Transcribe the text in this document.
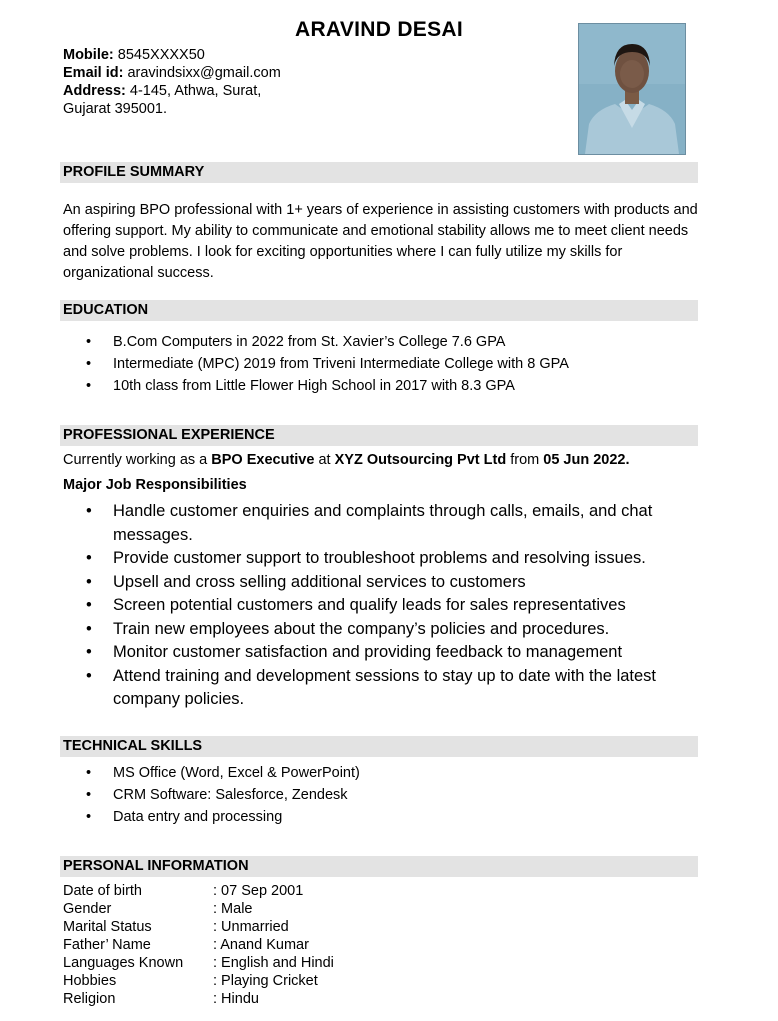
ARAVIND DESAI
Mobile: 8545XXXX50
Email id: aravindsixx@gmail.com
Address: 4-145, Athwa, Surat,
Gujarat 395001.
PROFILE SUMMARY
An aspiring BPO professional with 1+ years of experience in assisting customers with products and offering support. My ability to communicate and emotional stability allows me to meet client needs and solve problems. I look for exciting opportunities where I can fully utilize my skills for organizational success.
EDUCATION
• B.Com Computers in 2022 from St. Xavier’s College 7.6 GPA
• Intermediate (MPC) 2019 from Triveni Intermediate College with 8 GPA
• 10th class from Little Flower High School in 2017 with 8.3 GPA
PROFESSIONAL EXPERIENCE
Currently working as a BPO Executive at XYZ Outsourcing Pvt Ltd from 05 Jun 2022.
Major Job Responsibilities
• Handle customer enquiries and complaints through calls, emails, and chat messages.
• Provide customer support to troubleshoot problems and resolving issues.
• Upsell and cross selling additional services to customers
• Screen potential customers and qualify leads for sales representatives
• Train new employees about the company’s policies and procedures.
• Monitor customer satisfaction and providing feedback to management
• Attend training and development sessions to stay up to date with the latest company policies.
TECHNICAL SKILLS
• MS Office (Word, Excel & PowerPoint)
• CRM Software: Salesforce, Zendesk
• Data entry and processing
PERSONAL INFORMATION
Date of birth	: 07 Sep 2001
Gender	: Male
Marital Status	: Unmarried
Father’ Name	: Anand Kumar
Languages Known	: English and Hindi
Hobbies	: Playing Cricket
Religion	: Hindu
